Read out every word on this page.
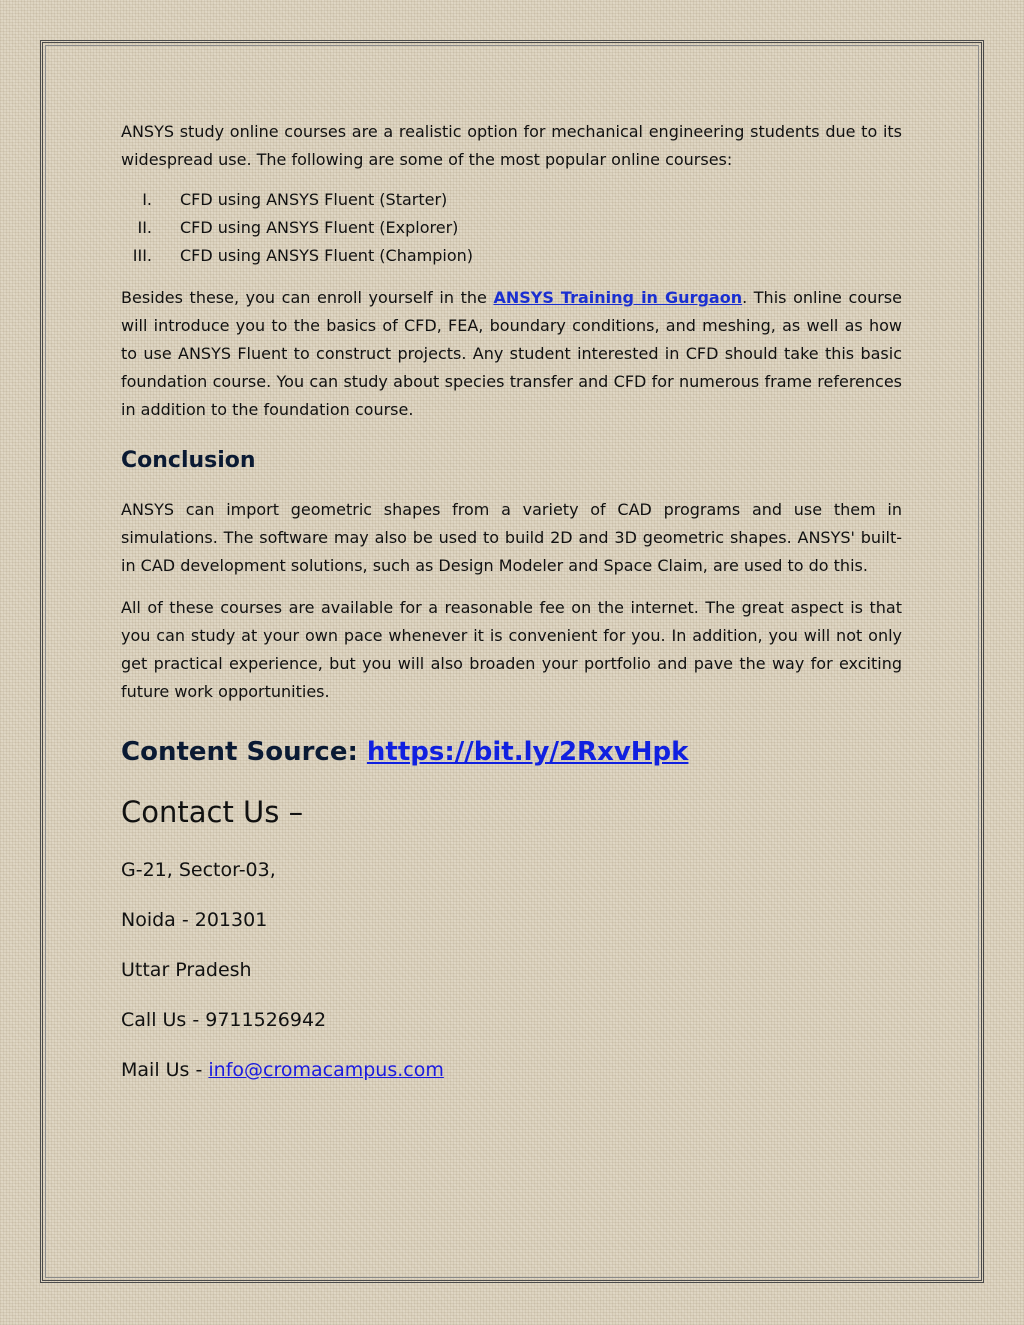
ANSYS study online courses are a realistic option for mechanical engineering students due to its widespread use. The following are some of the most popular online courses:

I. CFD using ANSYS Fluent (Starter)
II. CFD using ANSYS Fluent (Explorer)
III. CFD using ANSYS Fluent (Champion)

Besides these, you can enroll yourself in the ANSYS Training in Gurgaon. This online course will introduce you to the basics of CFD, FEA, boundary conditions, and meshing, as well as how to use ANSYS Fluent to construct projects. Any student interested in CFD should take this basic foundation course. You can study about species transfer and CFD for numerous frame references in addition to the foundation course.

Conclusion

ANSYS can import geometric shapes from a variety of CAD programs and use them in simulations. The software may also be used to build 2D and 3D geometric shapes. ANSYS' built-in CAD development solutions, such as Design Modeler and Space Claim, are used to do this.

All of these courses are available for a reasonable fee on the internet. The great aspect is that you can study at your own pace whenever it is convenient for you. In addition, you will not only get practical experience, but you will also broaden your portfolio and pave the way for exciting future work opportunities.

Content Source: https://bit.ly/2RxvHpk
Contact Us –
G-21, Sector-03,
Noida - 201301
Uttar Pradesh
Call Us - 9711526942
Mail Us - info@cromacampus.com
